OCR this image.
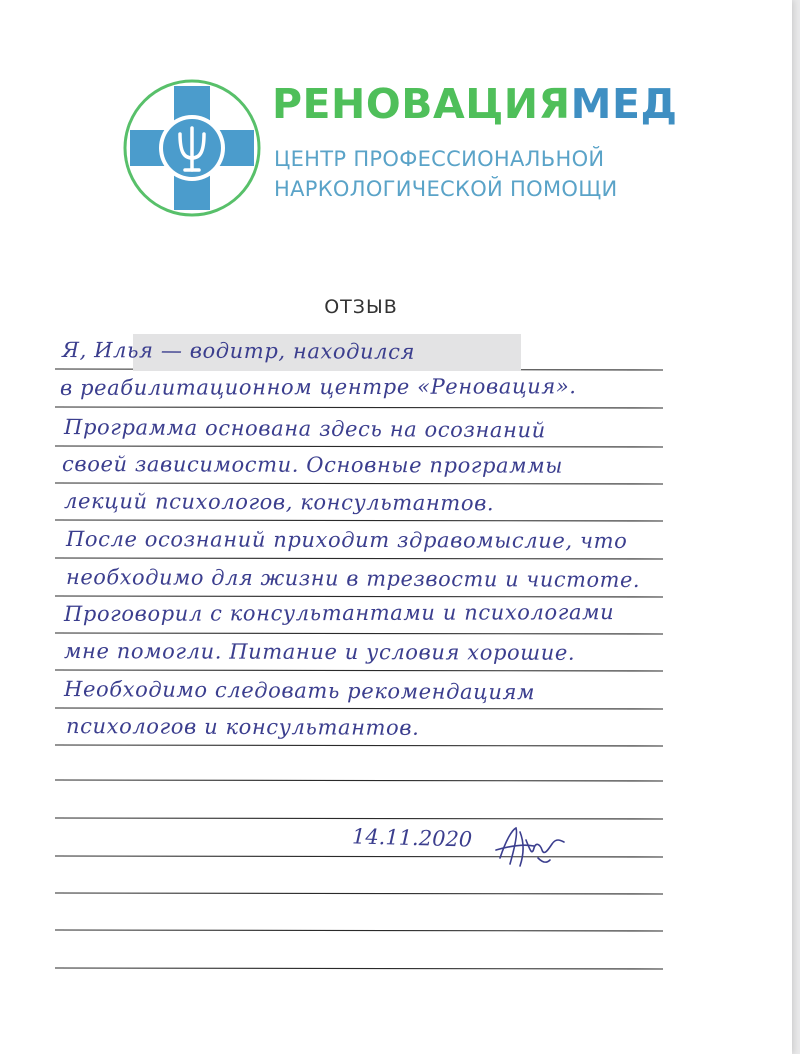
РЕНОВАЦИЯМЕД
ЦЕНТР ПРОФЕССИОНАЛЬНОЙ
НАРКОЛОГИЧЕСКОЙ ПОМОЩИ
ОТЗЫВ
Я, Илья — водитр, находился
в реабилитационном центре «Реновация».
Программа основана здесь на осознаний
своей зависимости. Основные программы
лекций психологов, консультантов.
После осознаний приходит здравомыслие, что
необходимо для жизни в трезвости и чистоте.
Проговорил с консультантами и психологами
мне помогли. Питание и условия хорошие.
Необходимо следовать рекомендациям
психологов и консультантов.
14.11.2020
